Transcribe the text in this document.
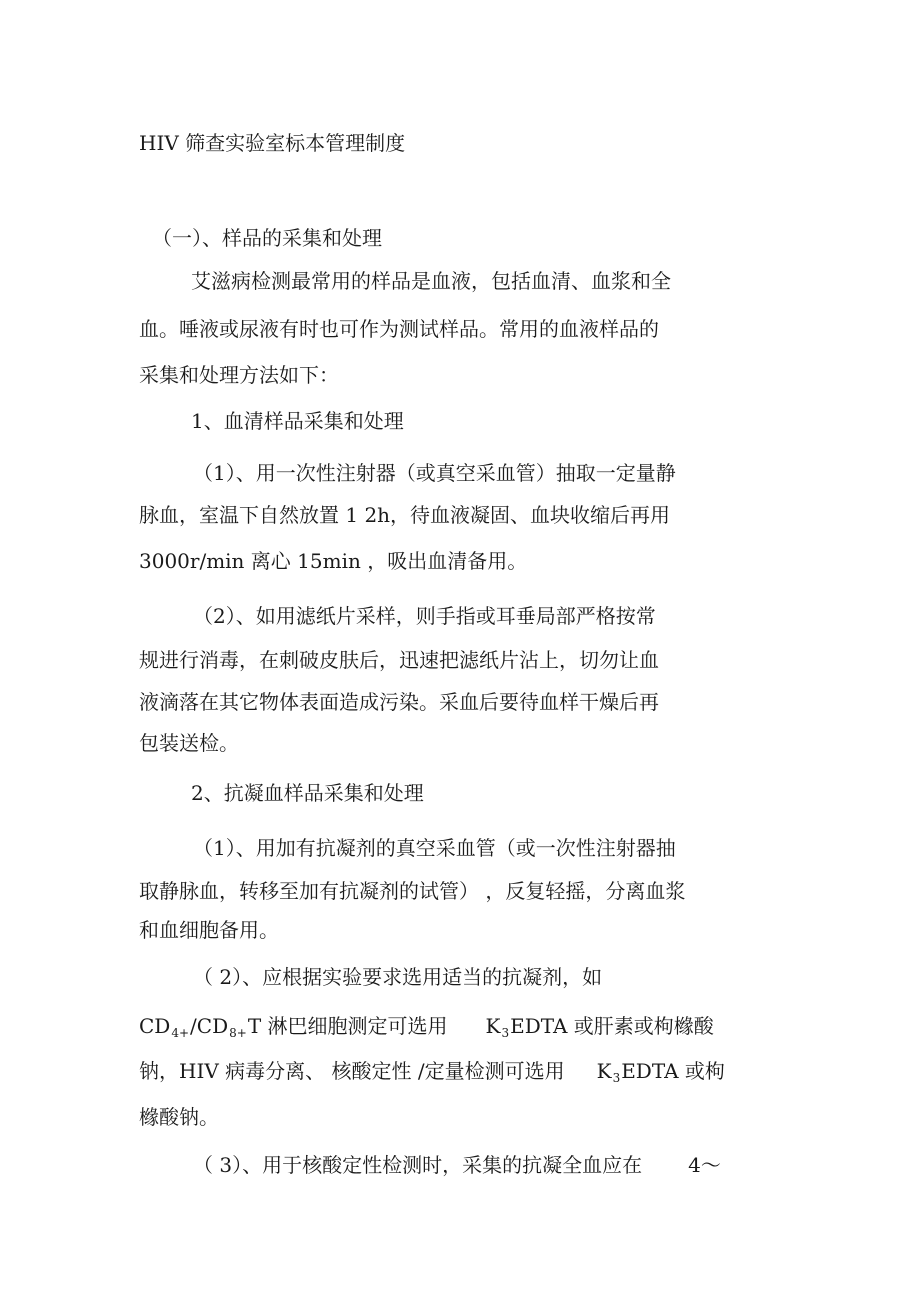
HIV 筛查实验室标本管理制度
（一）、样品的采集和处理
艾滋病检测最常用的样品是血液，包括血清、血浆和全
血。唾液或尿液有时也可作为测试样品。常用的血液样品的
采集和处理方法如下：
1、血清样品采集和处理
（1）、用一次性注射器（或真空采血管）抽取一定量静
脉血，室温下自然放置 1 2h，待血液凝固、血块收缩后再用
3000r/min 离心 15min ，吸出血清备用。
（2）、如用滤纸片采样，则手指或耳垂局部严格按常
规进行消毒，在刺破皮肤后，迅速把滤纸片沾上，切勿让血
液滴落在其它物体表面造成污染。采血后要待血样干燥后再
包装送检。
2、抗凝血样品采集和处理
（1）、用加有抗凝剂的真空采血管（或一次性注射器抽
取静脉血，转移至加有抗凝剂的试管） ，反复轻摇，分离血浆
和血细胞备用。
（ 2）、应根据实验要求选用适当的抗凝剂，如
$CD_{4+}/CD_{8+}T$ 淋巴细胞测定可选用 $K_3EDTA$ 或肝素或枸橼酸
钠，HIV 病毒分离、 核酸定性 /定量检测可选用 $K_3EDTA$ 或枸
橼酸钠。
（ 3）、用于核酸定性检测时，采集的抗凝全血应在 4～
